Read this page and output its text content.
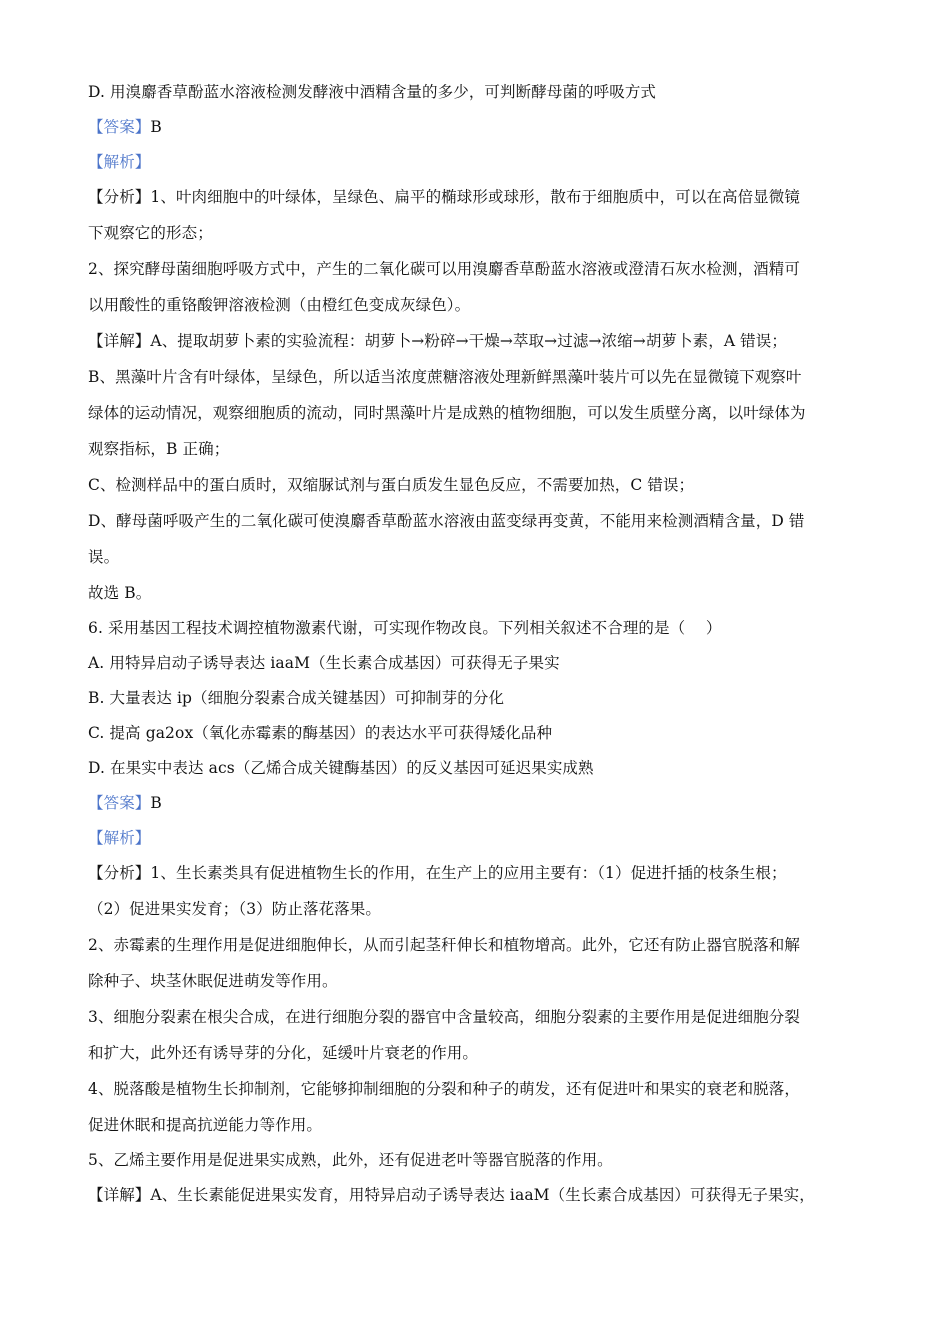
D. 用溴麝香草酚蓝水溶液检测发酵液中酒精含量的多少，可判断酵母菌的呼吸方式
【答案】B
【解析】
【分析】1、叶肉细胞中的叶绿体，呈绿色、扁平的椭球形或球形，散布于细胞质中，可以在高倍显微镜
下观察它的形态；
2、探究酵母菌细胞呼吸方式中，产生的二氧化碳可以用溴麝香草酚蓝水溶液或澄清石灰水检测，酒精可
以用酸性的重铬酸钾溶液检测（由橙红色变成灰绿色）。
【详解】A、提取胡萝卜素的实验流程：胡萝卜→粉碎→干燥→萃取→过滤→浓缩→胡萝卜素，A 错误；
B、黑藻叶片含有叶绿体，呈绿色，所以适当浓度蔗糖溶液处理新鲜黑藻叶装片可以先在显微镜下观察叶
绿体的运动情况，观察细胞质的流动，同时黑藻叶片是成熟的植物细胞，可以发生质壁分离，以叶绿体为
观察指标，B 正确；
C、检测样品中的蛋白质时，双缩脲试剂与蛋白质发生显色反应，不需要加热，C 错误；
D、酵母菌呼吸产生的二氧化碳可使溴麝香草酚蓝水溶液由蓝变绿再变黄，不能用来检测酒精含量，D 错
误。
故选 B。
6. 采用基因工程技术调控植物激素代谢，可实现作物改良。下列相关叙述不合理的是（　 ）
A. 用特异启动子诱导表达 iaaM（生长素合成基因）可获得无子果实
B. 大量表达 ip（细胞分裂素合成关键基因）可抑制芽的分化
C. 提高 ga2ox（氧化赤霉素的酶基因）的表达水平可获得矮化品种
D. 在果实中表达 acs（乙烯合成关键酶基因）的反义基因可延迟果实成熟
【答案】B
【解析】
【分析】1、生长素类具有促进植物生长的作用，在生产上的应用主要有：（1）促进扦插的枝条生根；
（2）促进果实发育；（3）防止落花落果。
2、赤霉素的生理作用是促进细胞伸长，从而引起茎秆伸长和植物增高。此外，它还有防止器官脱落和解
除种子、块茎休眠促进萌发等作用。
3、细胞分裂素在根尖合成，在进行细胞分裂的器官中含量较高，细胞分裂素的主要作用是促进细胞分裂
和扩大，此外还有诱导芽的分化，延缓叶片衰老的作用。
4、脱落酸是植物生长抑制剂，它能够抑制细胞的分裂和种子的萌发，还有促进叶和果实的衰老和脱落，
促进休眠和提高抗逆能力等作用。
5、乙烯主要作用是促进果实成熟，此外，还有促进老叶等器官脱落的作用。
【详解】A、生长素能促进果实发育，用特异启动子诱导表达 iaaM（生长素合成基因）可获得无子果实，
